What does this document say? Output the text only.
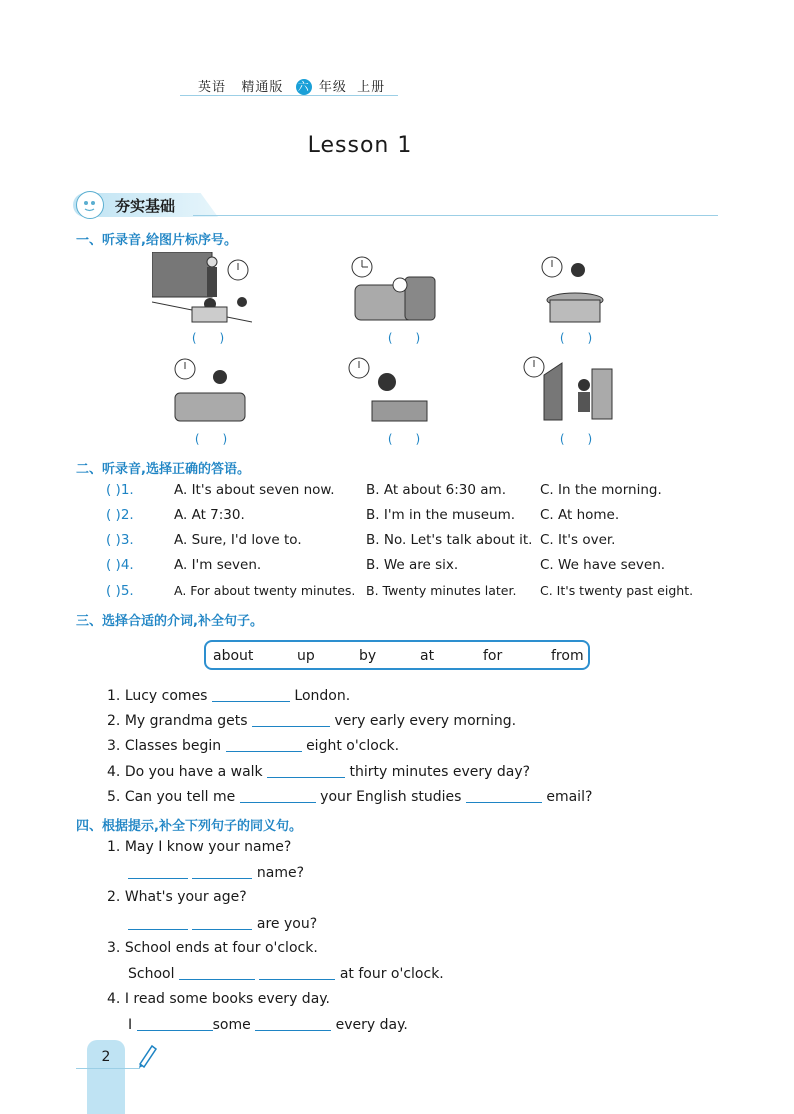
英语 精通版 六 年级 上册
Lesson 1
夯实基础
一、听录音,给图片标序号。
(      )	(      )	(      )
(      )	(      )	(      )
二、听录音,选择正确的答语。
( )1.	A. It's about seven now. B. At about 6:30 am.	C. In the morning.
( )2.	A. At 7:30.	B. I'm in the museum. C. At home.
( )3.	A. Sure, I'd love to.	B. No. Let's talk about it. C. It's over.
( )4.	A. I'm seven.	B. We are six.	C. We have seven.
( )5.	A. For about twenty minutes. B. Twenty minutes later. C. It's twenty past eight.
三、选择合适的介词,补全句子。
about	up	by	at	for	from
1. Lucy comes	London.
2. My grandma gets	very early every morning.
3. Classes begin	eight o'clock.
4. Do you have a walk	thirty minutes every day?
5. Can you tell me	your English studies	email?
四、根据提示,补全下列句子的同义句。
1. May I know your name?
name?
2. What's your age?
are you?
3. School ends at four o'clock.
School	at four o'clock.
4. I read some books every day.
I	some	every day.
2
